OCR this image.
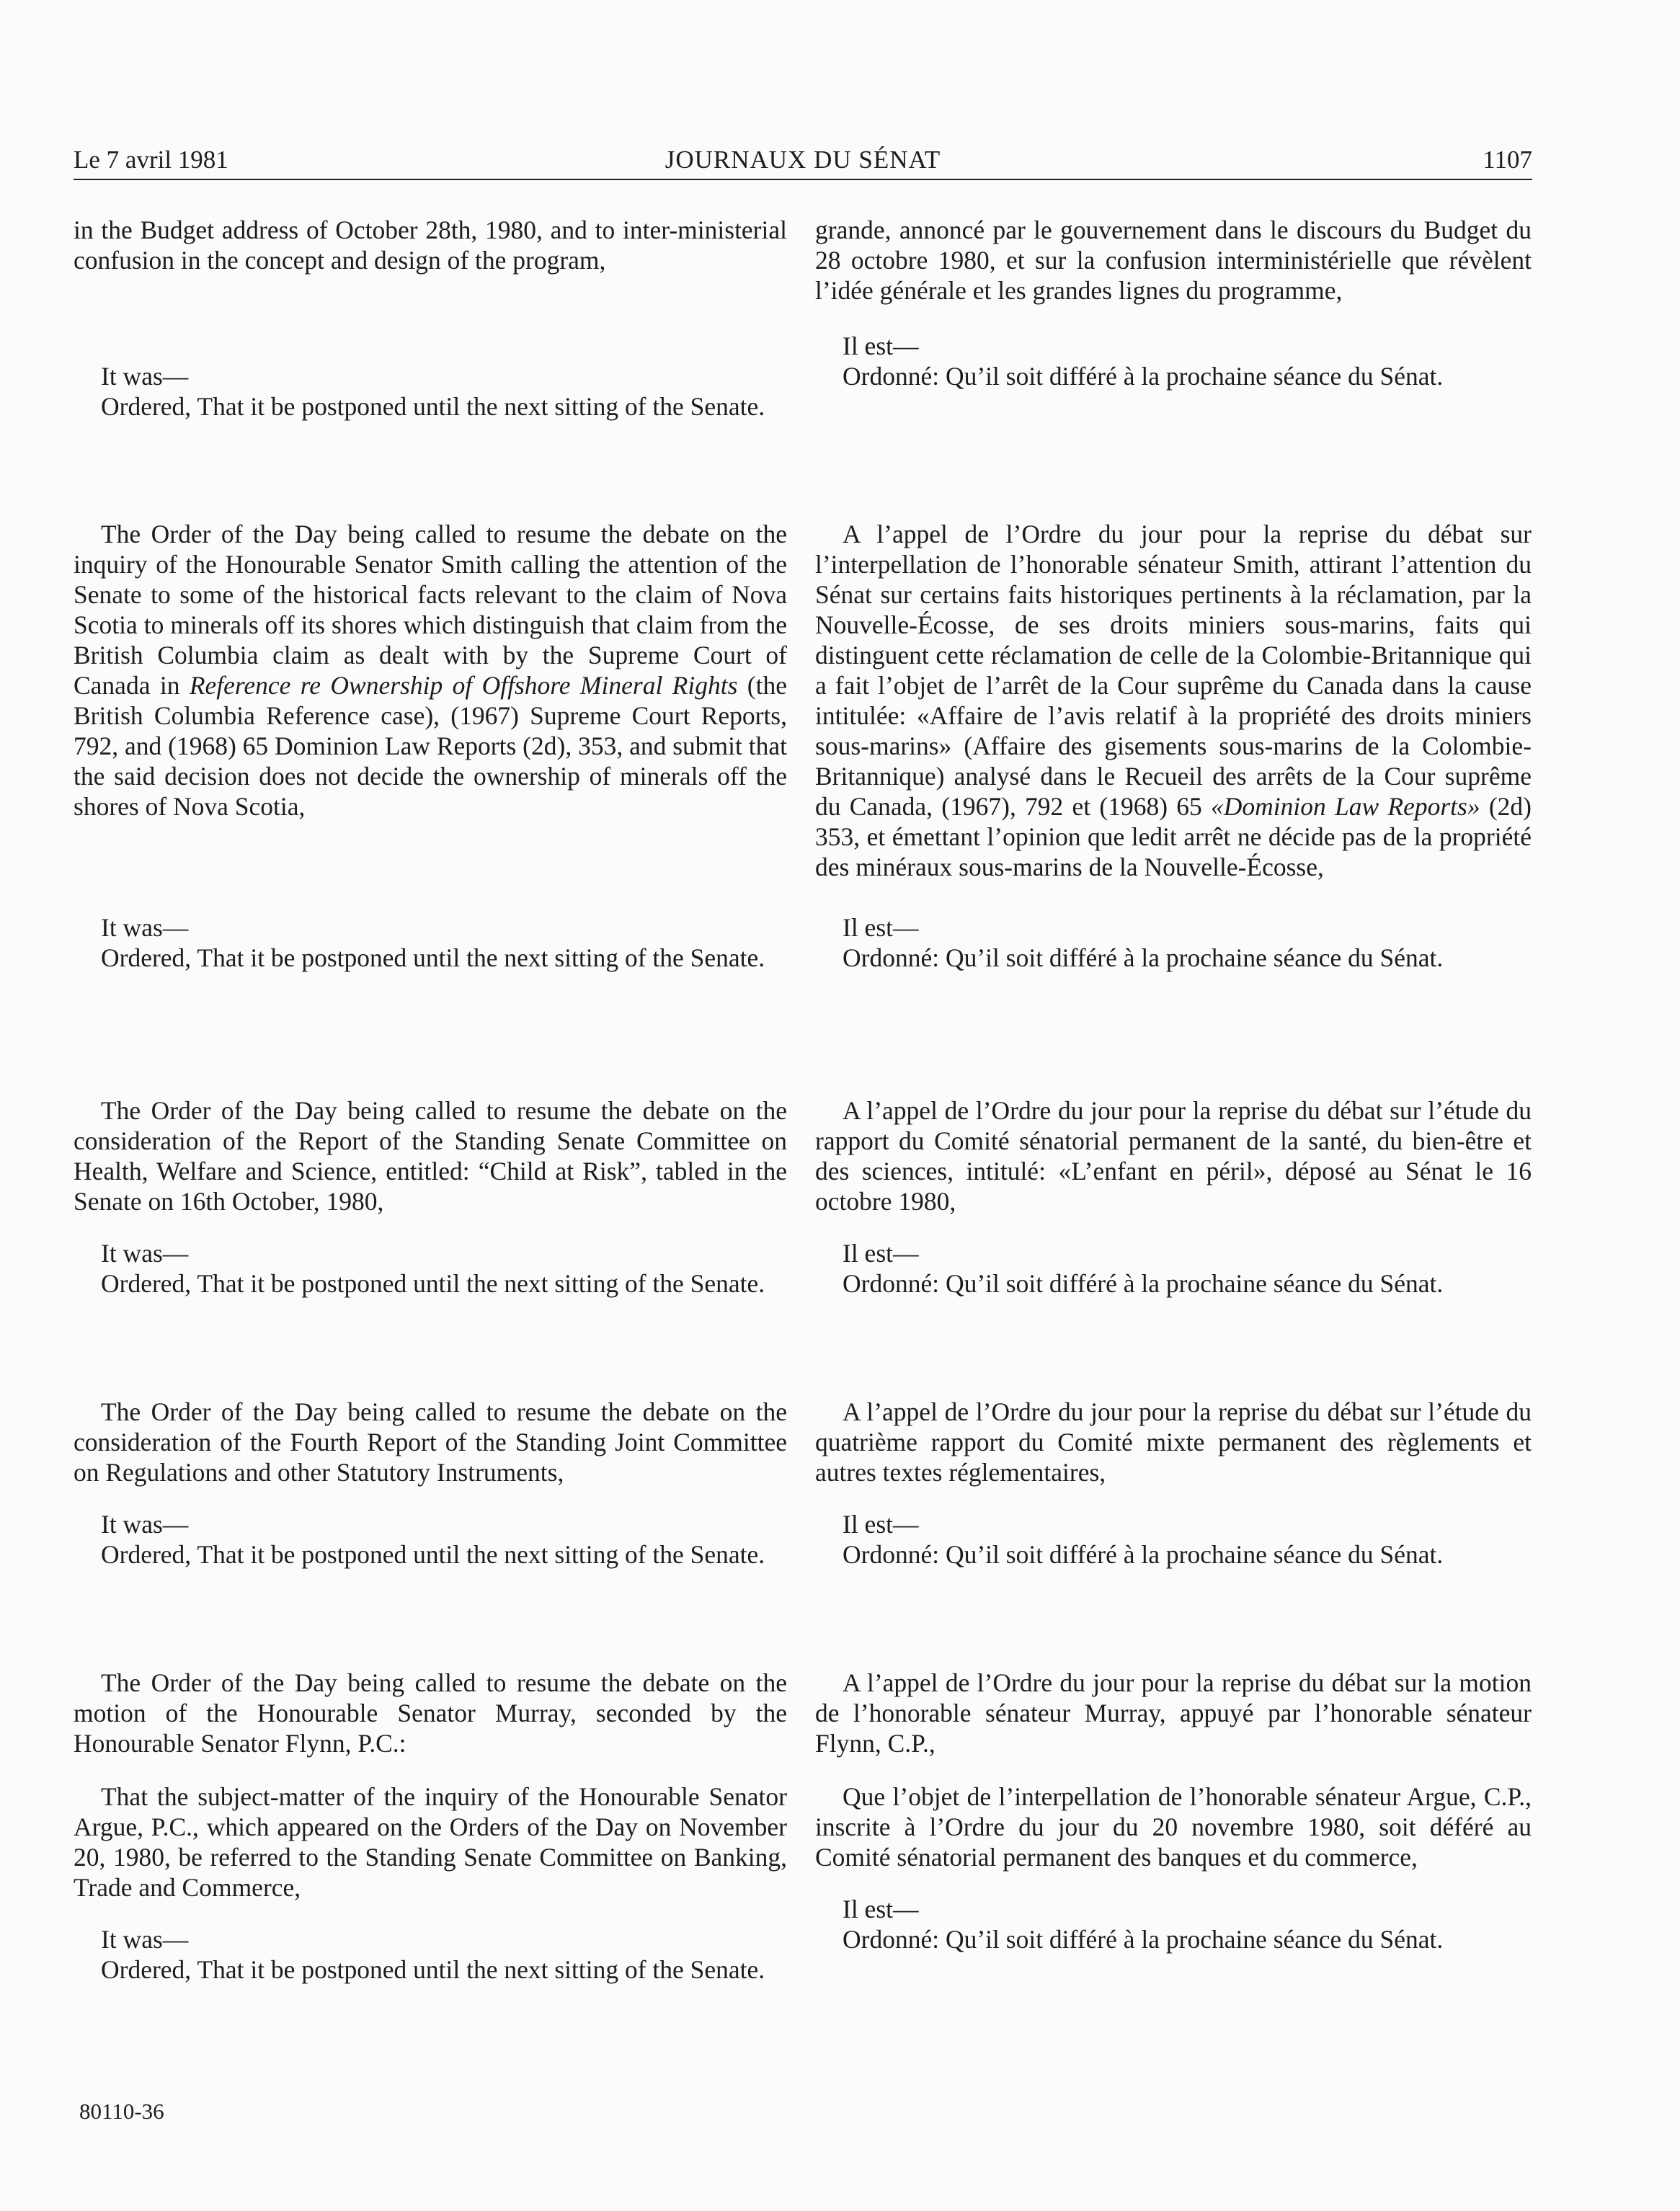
Le 7 avril 1981	JOURNAUX DU SÉNAT	1107

in the Budget address of October 28th, 1980, and to inter-ministerial confusion in the concept and design of the program,

It was—

Ordered, That it be postponed until the next sitting of the Senate.

The Order of the Day being called to resume the debate on the inquiry of the Honourable Senator Smith calling the attention of the Senate to some of the historical facts relevant to the claim of Nova Scotia to minerals off its shores which distinguish that claim from the British Columbia claim as dealt with by the Supreme Court of Canada in Reference re Ownership of Offshore Mineral Rights (the British Columbia Reference case), (1967) Supreme Court Reports, 792, and (1968) 65 Dominion Law Reports (2d), 353, and submit that the said decision does not decide the ownership of minerals off the shores of Nova Scotia,

It was—

Ordered, That it be postponed until the next sitting of the Senate.

The Order of the Day being called to resume the debate on the consideration of the Report of the Standing Senate Committee on Health, Welfare and Science, entitled: “Child at Risk”, tabled in the Senate on 16th October, 1980,

It was—

Ordered, That it be postponed until the next sitting of the Senate.

The Order of the Day being called to resume the debate on the consideration of the Fourth Report of the Standing Joint Committee on Regulations and other Statutory Instruments,

It was—

Ordered, That it be postponed until the next sitting of the Senate.

The Order of the Day being called to resume the debate on the motion of the Honourable Senator Murray, seconded by the Honourable Senator Flynn, P.C.:

That the subject-matter of the inquiry of the Honourable Senator Argue, P.C., which appeared on the Orders of the Day on November 20, 1980, be referred to the Standing Senate Committee on Banking, Trade and Commerce,

It was—

Ordered, That it be postponed until the next sitting of the Senate.

grande, annoncé par le gouvernement dans le discours du Budget du 28 octobre 1980, et sur la confusion interministérielle que révèlent l’idée générale et les grandes lignes du programme,

Il est—

Ordonné: Qu’il soit différé à la prochaine séance du Sénat.

A l’appel de l’Ordre du jour pour la reprise du débat sur l’interpellation de l’honorable sénateur Smith, attirant l’attention du Sénat sur certains faits historiques pertinents à la réclamation, par la Nouvelle-Écosse, de ses droits miniers sous-marins, faits qui distinguent cette réclamation de celle de la Colombie-Britannique qui a fait l’objet de l’arrêt de la Cour suprême du Canada dans la cause intitulée: «Affaire de l’avis relatif à la propriété des droits miniers sous-marins» (Affaire des gisements sous-marins de la Colombie-Britannique) analysé dans le Recueil des arrêts de la Cour suprême du Canada, (1967), 792 et (1968) 65 «Dominion Law Reports» (2d) 353, et émettant l’opinion que ledit arrêt ne décide pas de la propriété des minéraux sous-marins de la Nouvelle-Écosse,

Il est—

Ordonné: Qu’il soit différé à la prochaine séance du Sénat.

A l’appel de l’Ordre du jour pour la reprise du débat sur l’étude du rapport du Comité sénatorial permanent de la santé, du bien-être et des sciences, intitulé: «L’enfant en péril», déposé au Sénat le 16 octobre 1980,

Il est—

Ordonné: Qu’il soit différé à la prochaine séance du Sénat.

A l’appel de l’Ordre du jour pour la reprise du débat sur l’étude du quatrième rapport du Comité mixte permanent des règlements et autres textes réglementaires,

Il est—

Ordonné: Qu’il soit différé à la prochaine séance du Sénat.

A l’appel de l’Ordre du jour pour la reprise du débat sur la motion de l’honorable sénateur Murray, appuyé par l’honorable sénateur Flynn, C.P.,

Que l’objet de l’interpellation de l’honorable sénateur Argue, C.P., inscrite à l’Ordre du jour du 20 novembre 1980, soit déféré au Comité sénatorial permanent des banques et du commerce,

Il est—

Ordonné: Qu’il soit différé à la prochaine séance du Sénat.

80110-36
